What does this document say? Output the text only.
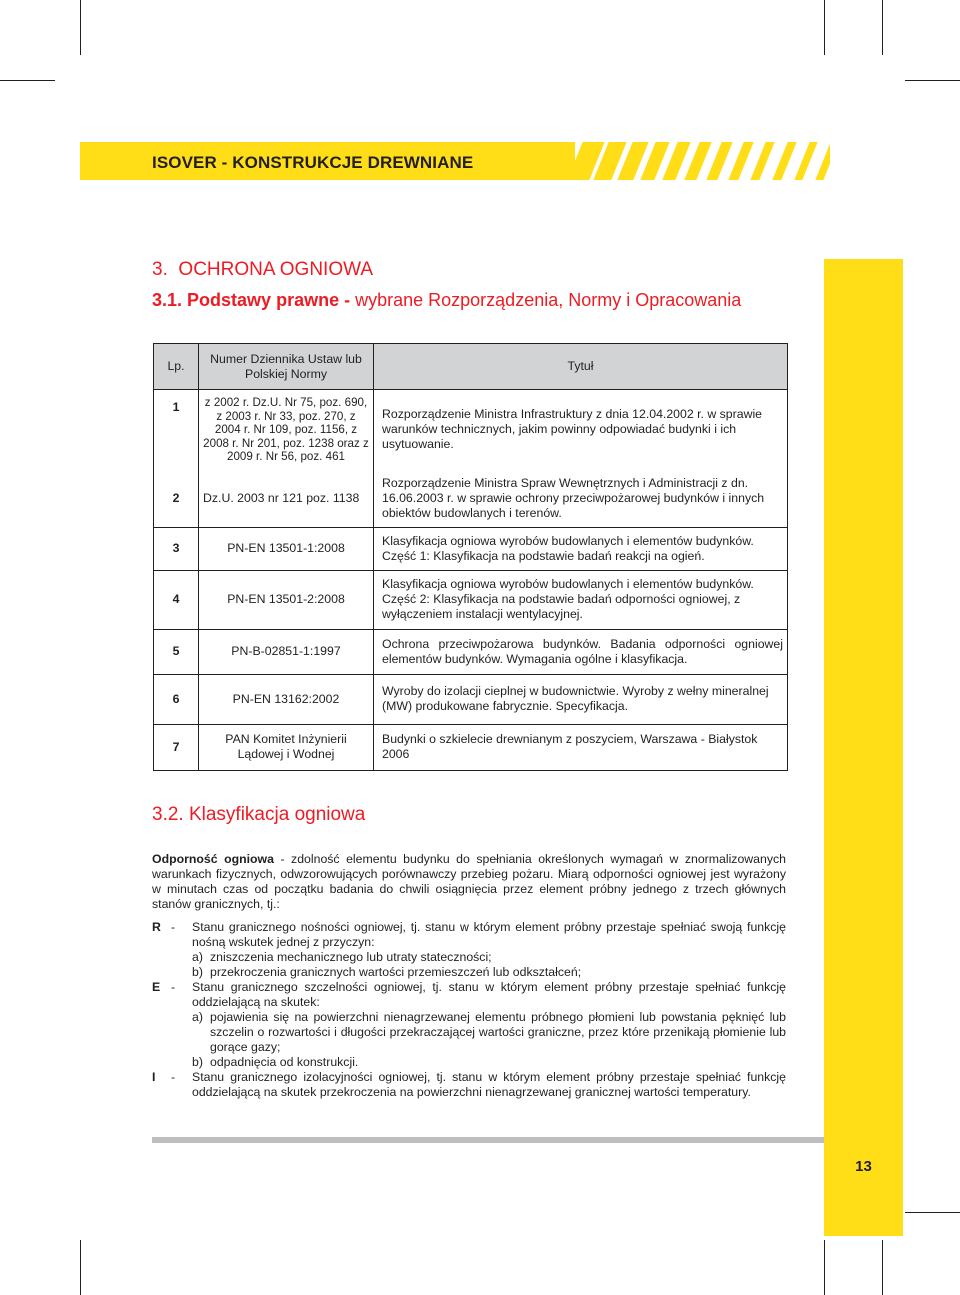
ISOVER - KONSTRUKCJE DREWNIANE
3. OCHRONA OGNIOWA
3.1. Podstawy prawne - wybrane Rozporządzenia, Normy i Opracowania
Lp.	Numer Dziennika Ustaw lub Polskiej Normy	Tytuł
1	z 2002 r. Dz.U. Nr 75, poz. 690, z 2003 r. Nr 33, poz. 270, z 2004 r. Nr 109, poz. 1156, z 2008 r. Nr 201, poz. 1238 oraz z 2009 r. Nr 56, poz. 461	Rozporządzenie Ministra Infrastruktury z dnia 12.04.2002 r. w sprawie warunków technicznych, jakim powinny odpowiadać budynki i ich usytuowanie.
2	Dz.U. 2003 nr 121 poz. 1138	Rozporządzenie Ministra Spraw Wewnętrznych i Administracji z dn. 16.06.2003 r. w sprawie ochrony przeciwpożarowej budynków i innych obiektów budowlanych i terenów.
3	PN-EN 13501-1:2008	Klasyfikacja ogniowa wyrobów budowlanych i elementów budynków. Część 1: Klasyfikacja na podstawie badań reakcji na ogień.
4	PN-EN 13501-2:2008	Klasyfikacja ogniowa wyrobów budowlanych i elementów budynków. Część 2: Klasyfikacja na podstawie badań odporności ogniowej, z wyłączeniem instalacji wentylacyjnej.
5	PN-B-02851-1:1997	Ochrona przeciwpożarowa budynków. Badania odporności ogniowej elementów budynków. Wymagania ogólne i klasyfikacja.
6	PN-EN 13162:2002	Wyroby do izolacji cieplnej w budownictwie. Wyroby z wełny mineralnej (MW) produkowane fabrycznie. Specyfikacja.
7	PAN Komitet Inżynierii Lądowej i Wodnej	Budynki o szkielecie drewnianym z poszyciem, Warszawa - Białystok 2006
3.2. Klasyfikacja ogniowa
Odporność ogniowa - zdolność elementu budynku do spełniania określonych wymagań w znormalizowanych warunkach fizycznych, odwzorowujących porównawczy przebieg pożaru. Miarą odporności ogniowej jest wyrażony w minutach czas od początku badania do chwili osiągnięcia przez element próbny jednego z trzech głównych stanów granicznych, tj.:
R - Stanu granicznego nośności ogniowej, tj. stanu w którym element próbny przestaje spełniać swoją funkcję nośną wskutek jednej z przyczyn:
a) zniszczenia mechanicznego lub utraty stateczności;
b) przekroczenia granicznych wartości przemieszczeń lub odkształceń;
E - Stanu granicznego szczelności ogniowej, tj. stanu w którym element próbny przestaje spełniać funkcję oddzielającą na skutek:
a) pojawienia się na powierzchni nienagrzewanej elementu próbnego płomieni lub powstania pęknięć lub szczelin o rozwartości i długości przekraczającej wartości graniczne, przez które przenikają płomienie lub gorące gazy;
b) odpadnięcia od konstrukcji.
I - Stanu granicznego izolacyjności ogniowej, tj. stanu w którym element próbny przestaje spełniać funkcję oddzielającą na skutek przekroczenia na powierzchni nienagrzewanej granicznej wartości temperatury.
13
